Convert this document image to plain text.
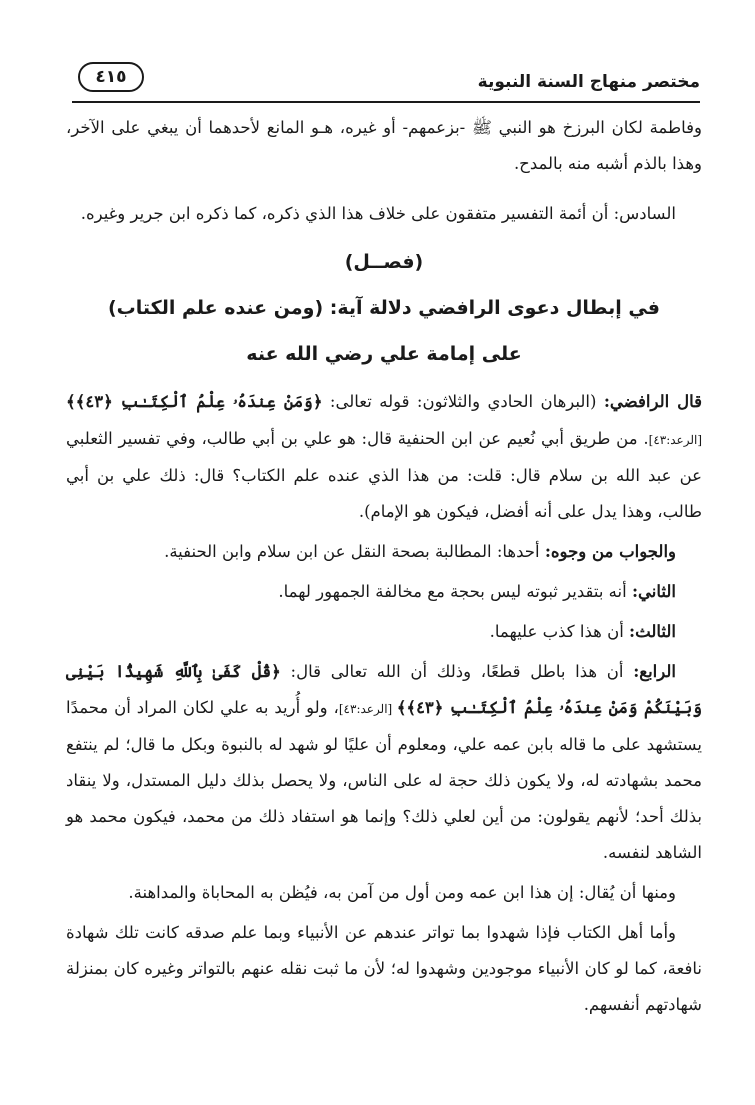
مختصر منهاج السنة النبوية
٤١٥

وفاطمة لكان البرزخ هو النبي ﷺ -بزعمهم- أو غيره، هـو المانع لأحدهما أن يبغي على الآخر، وهذا بالذم أشبه منه بالمدح.

السادس: أن أئمة التفسير متفقون على خلاف هذا الذي ذكره، كما ذكره ابن جرير وغيره.

(فصــل)

في إبطال دعوى الرافضي دلالة آية: (ومن عنده علم الكتاب)

على إمامة علي رضي الله عنه

قال الرافضي: (البرهان الحادي والثلاثون: قوله تعالى: ﴿وَمَنْ عِندَهُۥ عِلْمُ ٱلْكِتَـٰبِ ﴿٤٣﴾﴾ [الرعد:٤٣]. من طريق أبي نُعيم عن ابن الحنفية قال: هو علي بن أبي طالب، وفي تفسير الثعلبي عن عبد الله بن سلام قال: قلت: من هذا الذي عنده علم الكتاب؟ قال: ذلك علي بن أبي طالب، وهذا يدل على أنه أفضل، فيكون هو الإمام).

والجواب من وجوه: أحدها: المطالبة بصحة النقل عن ابن سلام وابن الحنفية.

الثاني: أنه بتقدير ثبوته ليس بحجة مع مخالفة الجمهور لهما.

الثالث: أن هذا كذب عليهما.

الرابع: أن هذا باطل قطعًا، وذلك أن الله تعالى قال: ﴿قُلْ كَفَىٰ بِٱللَّهِ شَهِيدًۢا بَيْنِى وَبَيْنَكُمْ وَمَنْ عِندَهُۥ عِلْمُ ٱلْكِتَـٰبِ ﴿٤٣﴾﴾ [الرعد:٤٣]، ولو أُريد به علي لكان المراد أن محمدًا يستشهد على ما قاله بابن عمه علي، ومعلوم أن عليًا لو شهد له بالنبوة وبكل ما قال؛ لم ينتفع محمد بشهادته له، ولا يكون ذلك حجة له على الناس، ولا يحصل بذلك دليل المستدل، ولا ينقاد بذلك أحد؛ لأنهم يقولون: من أين لعلي ذلك؟ وإنما هو استفاد ذلك من محمد، فيكون محمد هو الشاهد لنفسه.

ومنها أن يُقال: إن هذا ابن عمه ومن أول من آمن به، فيُظن به المحاباة والمداهنة.

وأما أهل الكتاب فإذا شهدوا بما تواتر عندهم عن الأنبياء وبما علم صدقه كانت تلك شهادة نافعة، كما لو كان الأنبياء موجودين وشهدوا له؛ لأن ما ثبت نقله عنهم بالتواتر وغيره كان بمنزلة شهادتهم أنفسهم.
